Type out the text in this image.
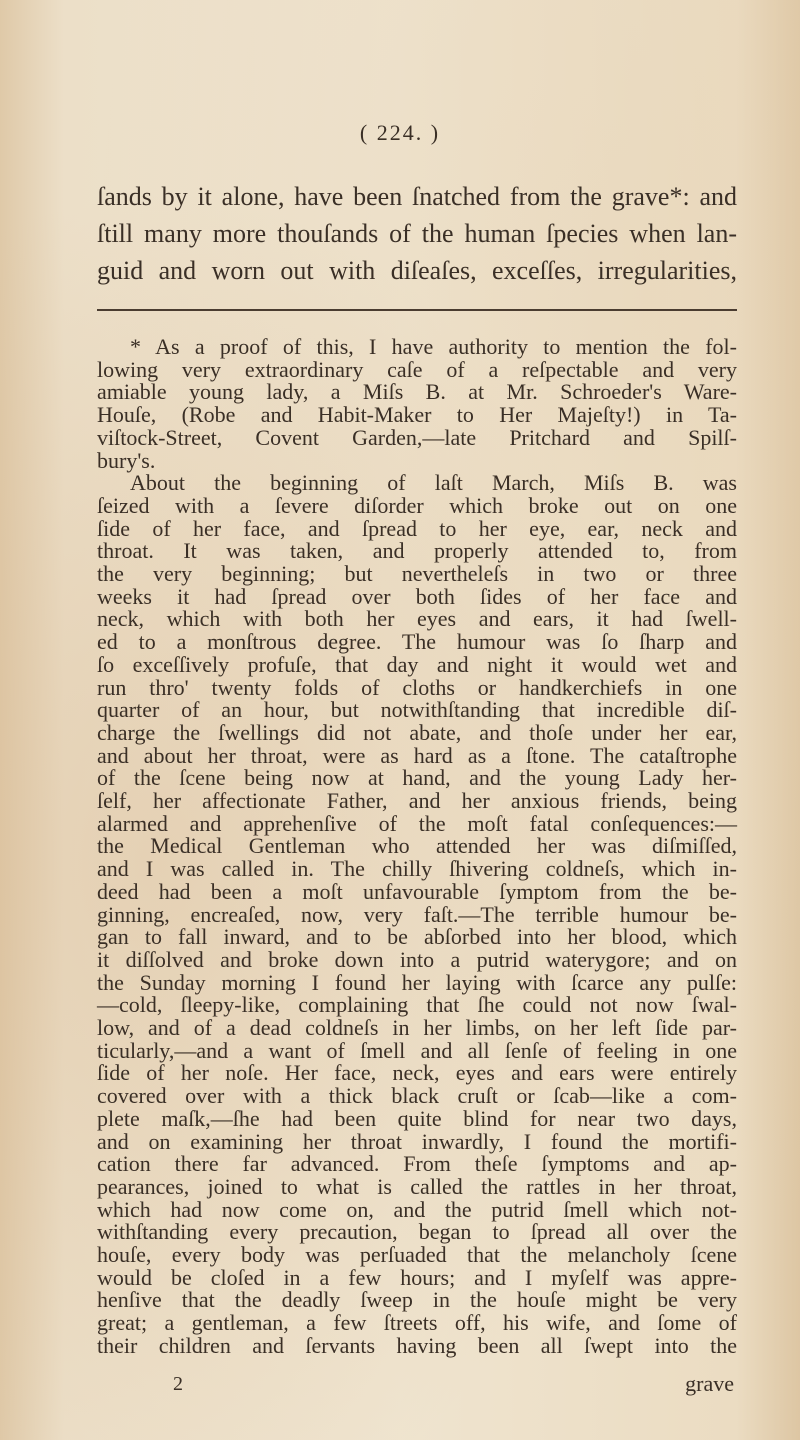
( 224. )
ſands by it alone, have been ſnatched from the grave*: and
ſtill many more thouſands of the human ſpecies when lan-
guid and worn out with diſeaſes, exceſſes, irregularities,
* As a proof of this, I have authority to mention the fol-
lowing very extraordinary caſe of a reſpectable and very
amiable young lady, a Miſs B. at Mr. Schroeder's Ware-
Houſe, (Robe and Habit-Maker to Her Majeſty!) in Ta-
viſtock-Street, Covent Garden,—late Pritchard and Spilſ-
bury's.
About the beginning of laſt March, Miſs B. was
ſeized with a ſevere diſorder which broke out on one
ſide of her face, and ſpread to her eye, ear, neck and
throat. It was taken, and properly attended to, from
the very beginning; but nevertheleſs in two or three
weeks it had ſpread over both ſides of her face and
neck, which with both her eyes and ears, it had ſwell-
ed to a monſtrous degree. The humour was ſo ſharp and
ſo exceſſively profuſe, that day and night it would wet and
run thro' twenty folds of cloths or handkerchiefs in one
quarter of an hour, but notwithſtanding that incredible diſ-
charge the ſwellings did not abate, and thoſe under her ear,
and about her throat, were as hard as a ſtone. The cataſtrophe
of the ſcene being now at hand, and the young Lady her-
ſelf, her affectionate Father, and her anxious friends, being
alarmed and apprehenſive of the moſt fatal conſequences:—
the Medical Gentleman who attended her was diſmiſſed,
and I was called in. The chilly ſhivering coldneſs, which in-
deed had been a moſt unfavourable ſymptom from the be-
ginning, encreaſed, now, very faſt.—The terrible humour be-
gan to fall inward, and to be abſorbed into her blood, which
it diſſolved and broke down into a putrid waterygore; and on
the Sunday morning I found her laying with ſcarce any pulſe:
—cold, ſleepy-like, complaining that ſhe could not now ſwal-
low, and of a dead coldneſs in her limbs, on her left ſide par-
ticularly,—and a want of ſmell and all ſenſe of feeling in one
ſide of her noſe. Her face, neck, eyes and ears were entirely
covered over with a thick black cruſt or ſcab—like a com-
plete maſk,—ſhe had been quite blind for near two days,
and on examining her throat inwardly, I found the mortifi-
cation there far advanced. From theſe ſymptoms and ap-
pearances, joined to what is called the rattles in her throat,
which had now come on, and the putrid ſmell which not-
withſtanding every precaution, began to ſpread all over the
houſe, every body was perſuaded that the melancholy ſcene
would be cloſed in a few hours; and I myſelf was appre-
henſive that the deadly ſweep in the houſe might be very
great; a gentleman, a few ſtreets off, his wife, and ſome of
their children and ſervants having been all ſwept into the
2	grave
